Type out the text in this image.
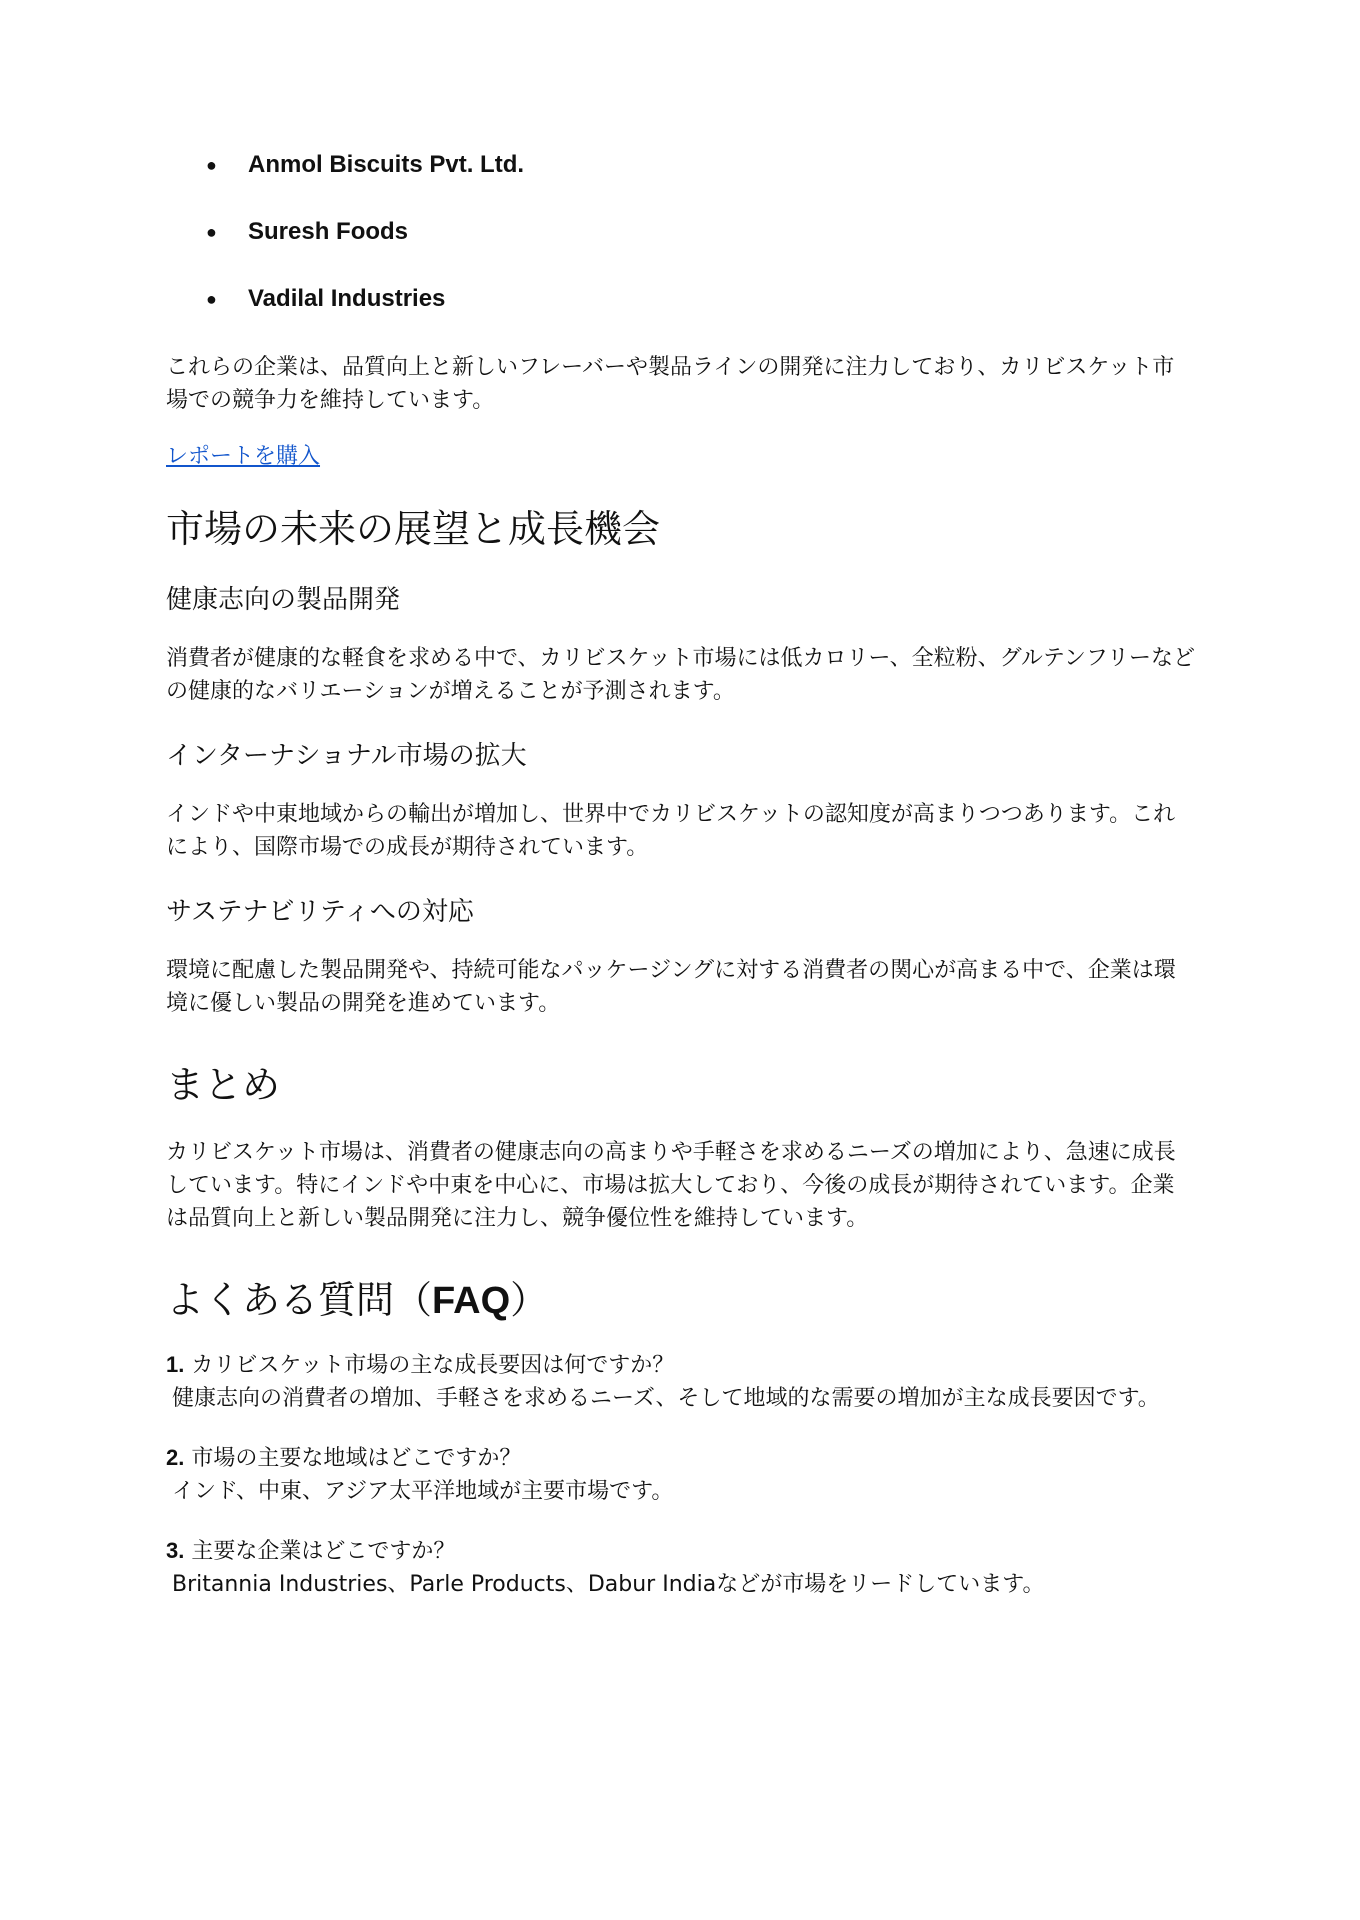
● Anmol Biscuits Pvt. Ltd.
● Suresh Foods
● Vadilal Industries

これらの企業は、品質向上と新しいフレーバーや製品ラインの開発に注力しており、カリビスケット市場での競争力を維持しています。

レポートを購入
市場の未来の展望と成長機会
健康志向の製品開発

消費者が健康的な軽食を求める中で、カリビスケット市場には低カロリー、全粒粉、グルテンフリーなどの健康的なバリエーションが増えることが予測されます。

インターナショナル市場の拡大

インドや中東地域からの輸出が増加し、世界中でカリビスケットの認知度が高まりつつあります。これにより、国際市場での成長が期待されています。

サステナビリティへの対応

環境に配慮した製品開発や、持続可能なパッケージングに対する消費者の関心が高まる中で、企業は環境に優しい製品の開発を進めています。

まとめ

カリビスケット市場は、消費者の健康志向の高まりや手軽さを求めるニーズの増加により、急速に成長しています。特にインドや中東を中心に、市場は拡大しており、今後の成長が期待されています。企業は品質向上と新しい製品開発に注力し、競争優位性を維持しています。

よくある質問（FAQ）

1. カリビスケット市場の主な成長要因は何ですか？

健康志向の消費者の増加、手軽さを求めるニーズ、そして地域的な需要の増加が主な成長要因です。

2. 市場の主要な地域はどこですか？

インド、中東、アジア太平洋地域が主要市場です。

3. 主要な企業はどこですか？

Britannia Industries、Parle Products、Dabur Indiaなどが市場をリードしています。
